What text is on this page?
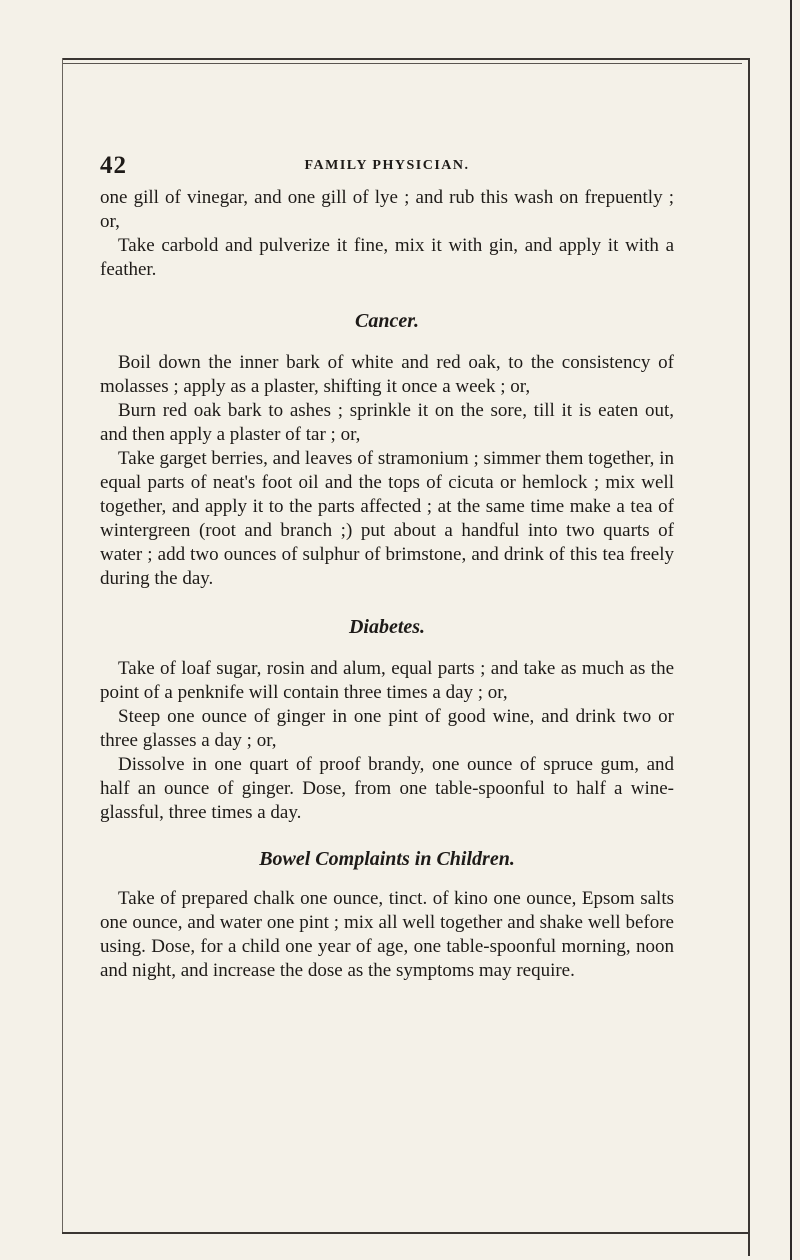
42	FAMILY PHYSICIAN.

one gill of vinegar, and one gill of lye ; and rub this wash on frepuently ; or,

Take carbold and pulverize it fine, mix it with gin, and apply it with a feather.

Cancer.

Boil down the inner bark of white and red oak, to the consistency of molasses ; apply as a plaster, shifting it once a week ; or,

Burn red oak bark to ashes ; sprinkle it on the sore, till it is eaten out, and then apply a plaster of tar ; or,

Take garget berries, and leaves of stramonium ; simmer them together, in equal parts of neat's foot oil and the tops of cicuta or hemlock ; mix well together, and apply it to the parts affected ; at the same time make a tea of wintergreen (root and branch ;) put about a handful into two quarts of water ; add two ounces of sulphur of brimstone, and drink of this tea freely during the day.

Diabetes.

Take of loaf sugar, rosin and alum, equal parts ; and take as much as the point of a penknife will contain three times a day ; or,

Steep one ounce of ginger in one pint of good wine, and drink two or three glasses a day ; or,

Dissolve in one quart of proof brandy, one ounce of spruce gum, and half an ounce of ginger. Dose, from one table-spoonful to half a wine-glassful, three times a day.

Bowel Complaints in Children.

Take of prepared chalk one ounce, tinct. of kino one ounce, Epsom salts one ounce, and water one pint ; mix all well together and shake well before using. Dose, for a child one year of age, one table-spoonful morning, noon and night, and increase the dose as the symptoms may require.
